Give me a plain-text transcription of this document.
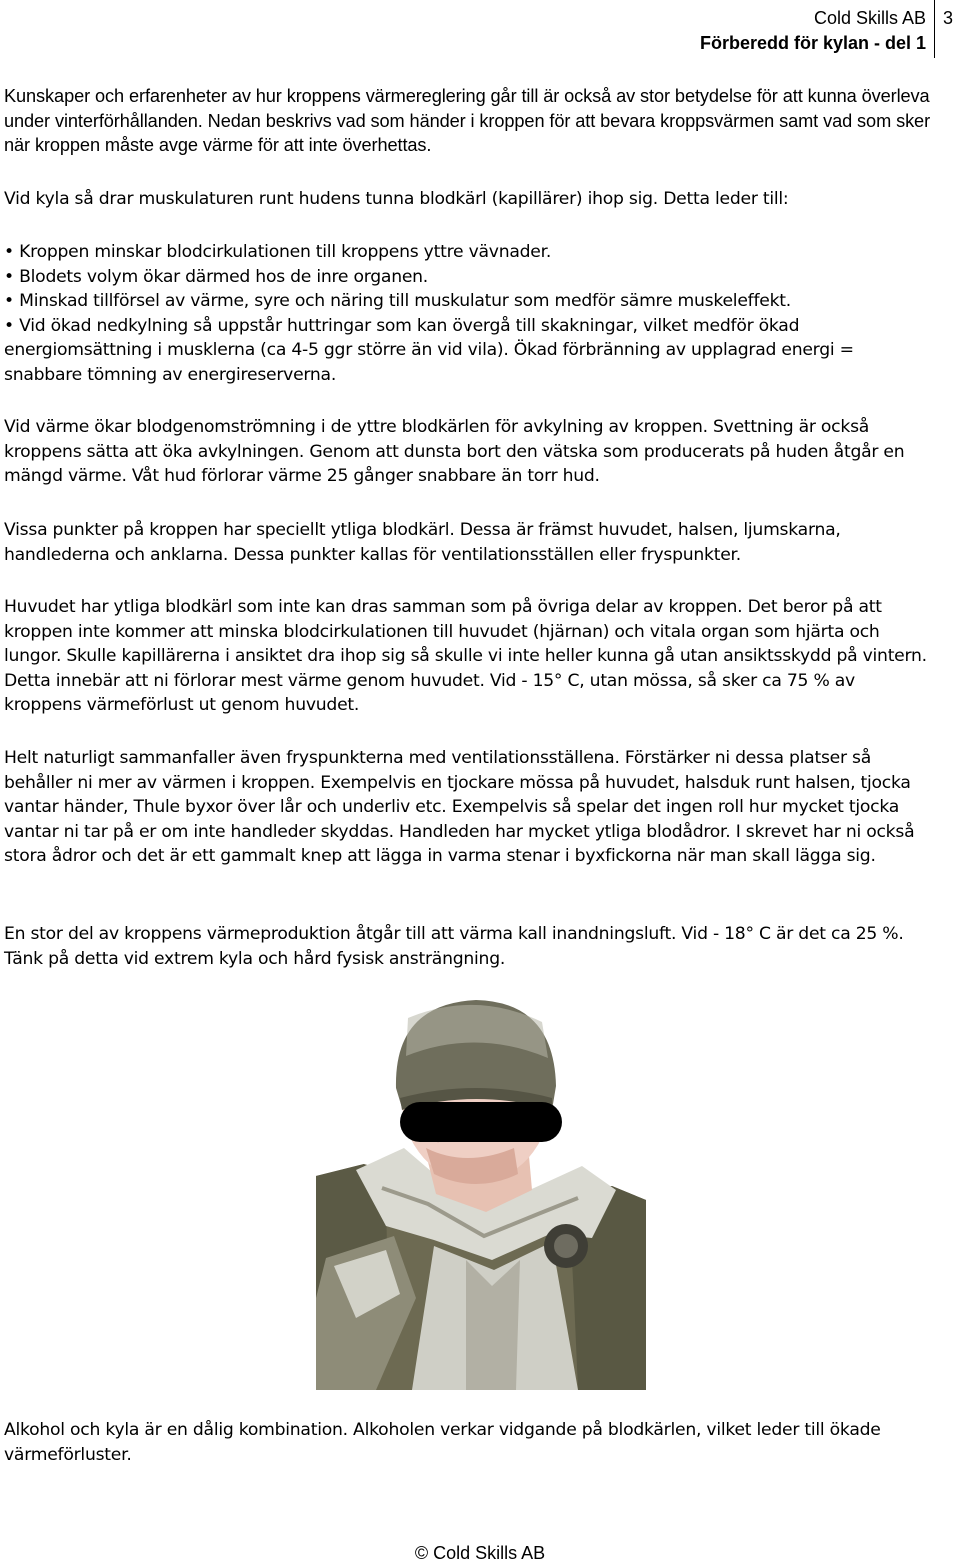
Cold Skills AB
Förberedd för kylan - del 1
3

Kunskaper och erfarenheter av hur kroppens värmereglering går till är också av stor betydelse för att kunna överleva under vinterförhållanden. Nedan beskrivs vad som händer i kroppen för att bevara kroppsvärmen samt vad som sker när kroppen måste avge värme för att inte överhettas.

Vid kyla så drar muskulaturen runt hudens tunna blodkärl (kapillärer) ihop sig. Detta leder till:

• Kroppen minskar blodcirkulationen till kroppens yttre vävnader.
• Blodets volym ökar därmed hos de inre organen.
• Minskad tillförsel av värme, syre och näring till muskulatur som medför sämre muskeleffekt.
• Vid ökad nedkylning så uppstår huttringar som kan övergå till skakningar, vilket medför ökad energiomsättning i musklerna (ca 4-5 ggr större än vid vila). Ökad förbränning av upplagrad energi = snabbare tömning av energireserverna.

Vid värme ökar blodgenomströmning i de yttre blodkärlen för avkylning av kroppen. Svettning är också kroppens sätta att öka avkylningen. Genom att dunsta bort den vätska som producerats på huden åtgår en mängd värme. Våt hud förlorar värme 25 gånger snabbare än torr hud.

Vissa punkter på kroppen har speciellt ytliga blodkärl. Dessa är främst huvudet, halsen, ljumskarna, handlederna och anklarna. Dessa punkter kallas för ventilationsställen eller fryspunkter.

Huvudet har ytliga blodkärl som inte kan dras samman som på övriga delar av kroppen. Det beror på att kroppen inte kommer att minska blodcirkulationen till huvudet (hjärnan) och vitala organ som hjärta och lungor. Skulle kapillärerna i ansiktet dra ihop sig så skulle vi inte heller kunna gå utan ansiktsskydd på vintern. Detta innebär att ni förlorar mest värme genom huvudet. Vid - 15° C, utan mössa, så sker ca 75 % av kroppens värmeförlust ut genom huvudet.

Helt naturligt sammanfaller även fryspunkterna med ventilationsställena. Förstärker ni dessa platser så behåller ni mer av värmen i kroppen. Exempelvis en tjockare mössa på huvudet, halsduk runt halsen, tjocka vantar händer, Thule byxor över lår och underliv etc. Exempelvis så spelar det ingen roll hur mycket tjocka vantar ni tar på er om inte handleder skyddas. Handleden har mycket ytliga blodådror. I skrevet har ni också stora ådror och det är ett gammalt knep att lägga in varma stenar i byxfickorna när man skall lägga sig.

En stor del av kroppens värmeproduktion åtgår till att värma kall inandningsluft. Vid - 18° C är det ca 25 %. Tänk på detta vid extrem kyla och hård fysisk ansträngning.

Alkohol och kyla är en dålig kombination. Alkoholen verkar vidgande på blodkärlen, vilket leder till ökade värmeförluster.

© Cold Skills AB
